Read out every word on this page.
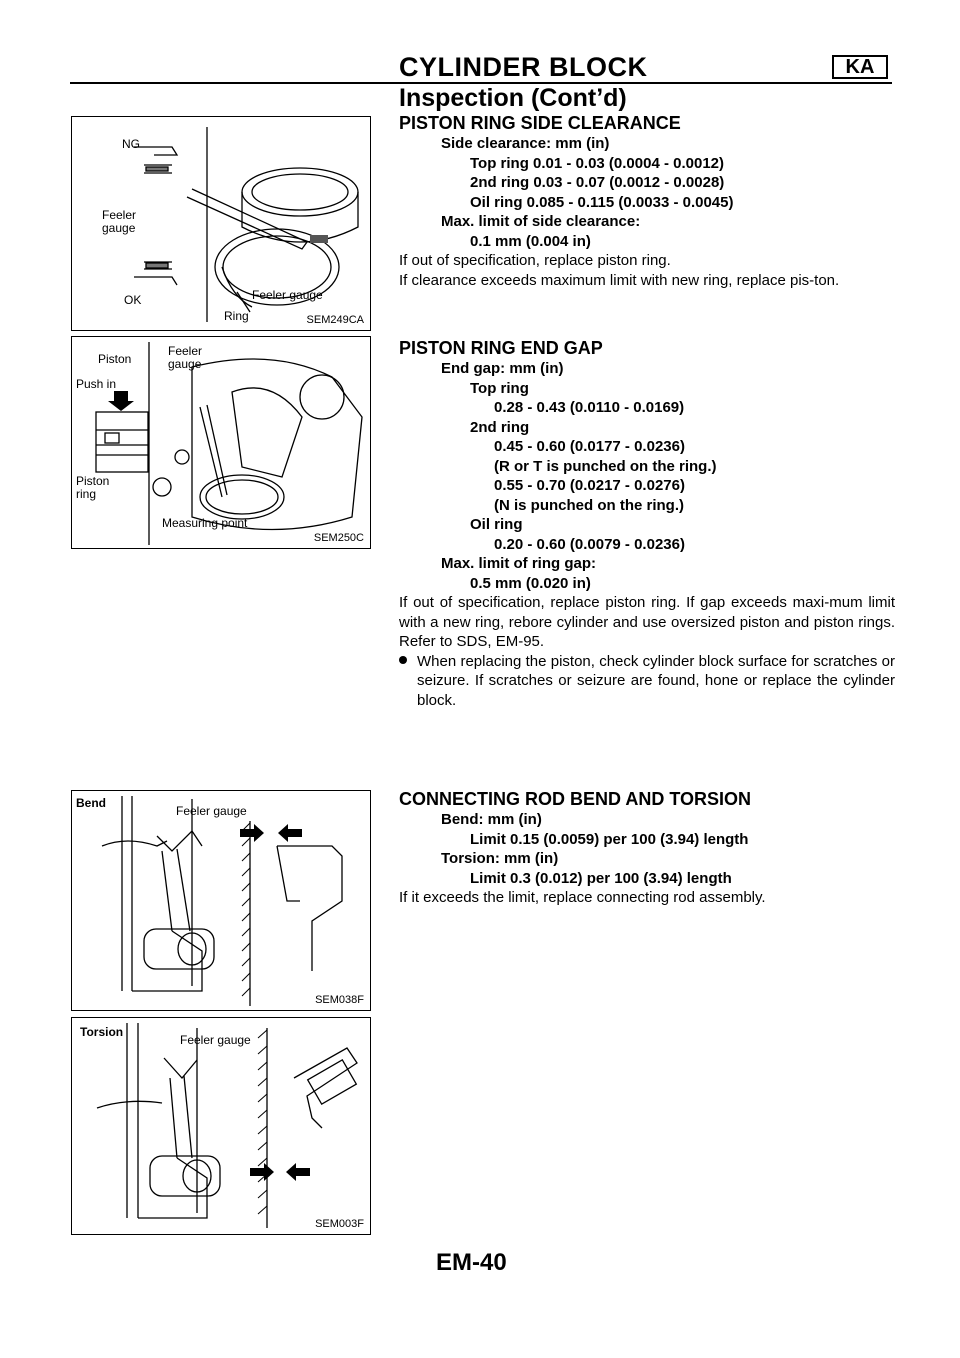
CYLINDER BLOCK	KA
Inspection (Cont’d)
NG
Feeler
gauge
OK	Feeler gauge
Ring	SEM249CA
Piston
Push in
Piston
ring
Feeler
gauge
Measuring point
SEM250C
Bend
Feeler gauge
SEM038F
Torsion
Feeler gauge
SEM003F
PISTON RING SIDE CLEARANCE
Side clearance: mm (in)
Top ring 0.01 - 0.03 (0.0004 - 0.0012)
2nd ring 0.03 - 0.07 (0.0012 - 0.0028)
Oil ring 0.085 - 0.115 (0.0033 - 0.0045)
Max. limit of side clearance:
0.1 mm (0.004 in)
If out of specification, replace piston ring.
If clearance exceeds maximum limit with new ring, replace pis-ton.
PISTON RING END GAP
End gap: mm (in)
Top ring
0.28 - 0.43 (0.0110 - 0.0169)
2nd ring
0.45 - 0.60 (0.0177 - 0.0236)
(R or T is punched on the ring.)
0.55 - 0.70 (0.0217 - 0.0276)
(N is punched on the ring.)
Oil ring
0.20 - 0.60 (0.0079 - 0.0236)
Max. limit of ring gap:
0.5 mm (0.020 in)
If out of specification, replace piston ring. If gap exceeds maxi-mum limit with a new ring, rebore cylinder and use oversized piston and piston rings. Refer to SDS, EM-95.
When replacing the piston, check cylinder block surface for scratches or seizure. If scratches or seizure are found, hone or replace the cylinder block.
CONNECTING ROD BEND AND TORSION
Bend: mm (in)
Limit 0.15 (0.0059) per 100 (3.94) length
Torsion: mm (in)
Limit 0.3 (0.012) per 100 (3.94) length
If it exceeds the limit, replace connecting rod assembly.
EM-40
